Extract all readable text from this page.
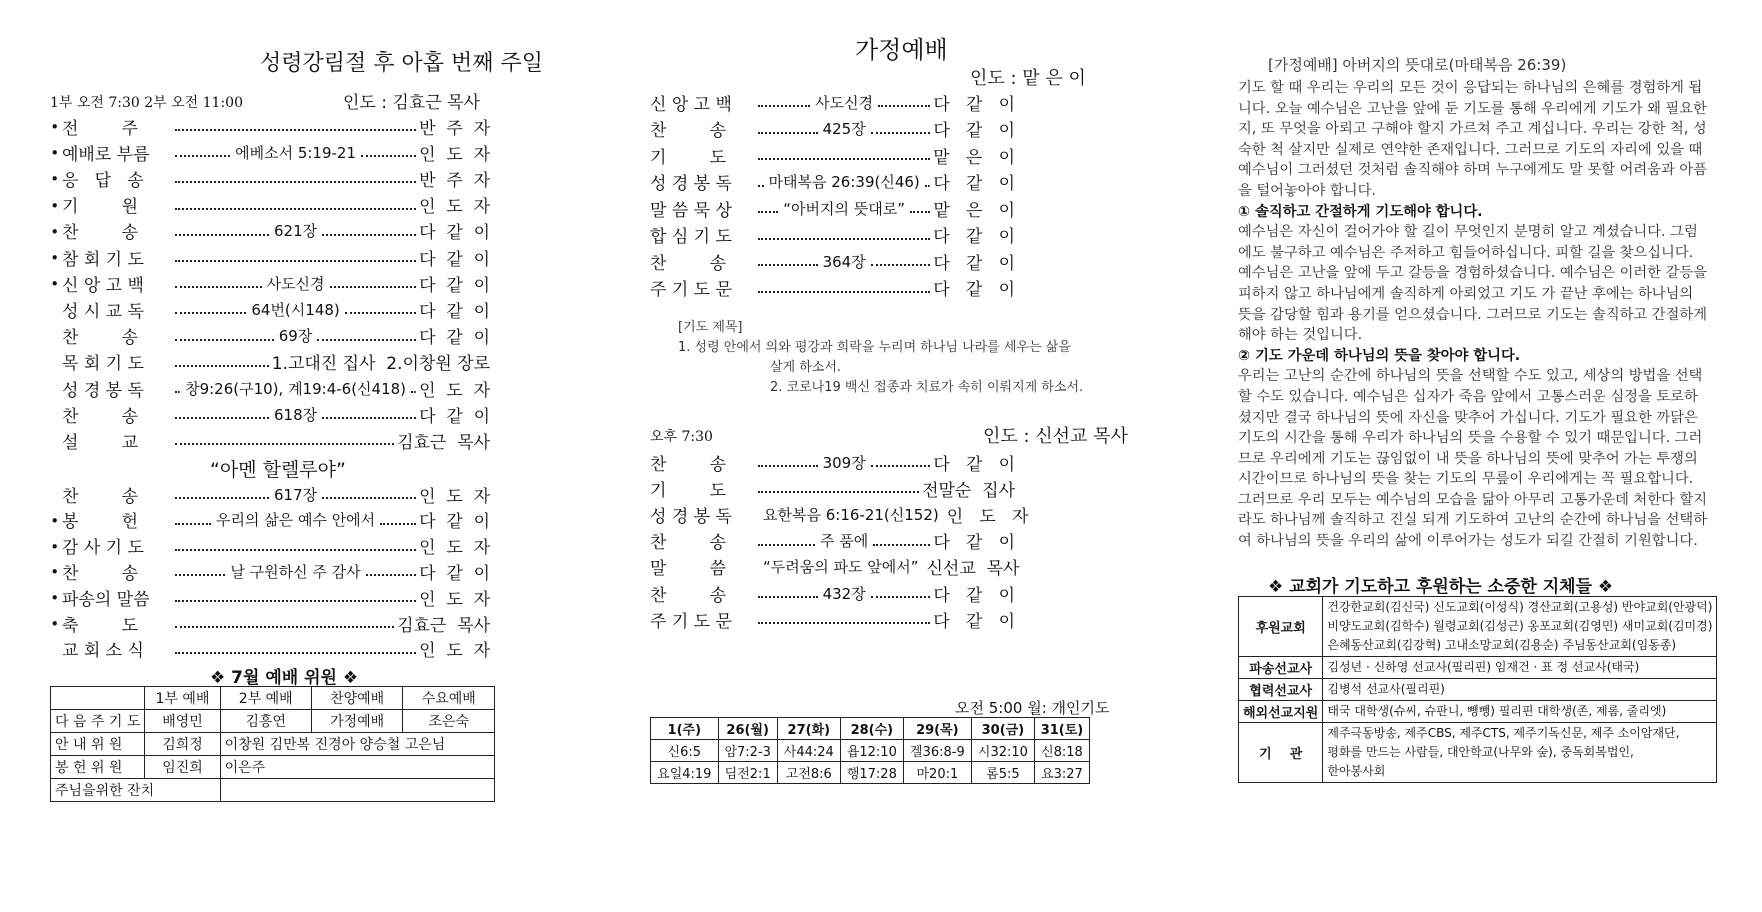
성령강림절 후 아홉 번째 주일
1부 오전 7:30 2부 오전 11:00	인도 : 김효근 목사
∙ 전        주	반  주  자
∙ 예배로 부름	에베소서 5:19-21	인  도  자
∙ 응   답   송	반  주  자
∙ 기        원	인  도  자
∙ 찬        송	621장	다  같  이
∙ 참 회 기 도	다  같  이
∙ 신 앙 고 백	사도신경	다  같  이
성 시 교 독	64번(시148)	다  같  이
찬        송	69장	다  같  이
목 회 기 도	1.고대진 집사  2.이창원 장로
성 경 봉 독	창9:26(구10), 계19:4-6(신418) 인  도  자
찬        송	618장	다  같  이
설        교	김효근  목사
“아멘 할렐루야”
찬        송	617장	인  도  자
∙ 봉        헌	우리의 삶은 예수 안에서	다  같  이
∙ 감 사 기 도	인  도  자
∙ 찬        송	날 구원하신 주 감사	다  같  이
∙ 파송의 말씀	인  도  자
∙ 축        도	김효근  목사
교 회 소 식	인  도  자
❖ 7월 예배 위원 ❖
	1부 예배	2부 예배	찬양예배	수요예배
다 음 주 기 도	배영민	김흥연	가정예배	조은숙
안 내 위 원	김희정	이창원 김만복 진경아 양승철 고은님		
봉 헌 위 원	임진희	이은주		
주님을위한 잔치				
가정예배
인도 : 맡 은 이
신 앙 고 백	사도신경	다   같   이
찬        송	425장	다   같   이
기        도	맡   은   이
성 경 봉 독	마태복음 26:39(신46) 다   같   이
말 씀 묵 상	“아버지의 뜻대로” 맡   은   이
합 심 기 도	다   같   이
찬        송	364장	다   같   이
주 기 도 문	다   같   이
[기도 제목]
1. 성령 안에서 의와 평강과 희락을 누리며 하나님 나라를 세우는 삶을
살게 하소서.
2. 코로나19 백신 접종과 치료가 속히 이뤄지게 하소서.
오후 7:30	인도 : 신선교 목사
찬        송	309장	다   같   이
기        도	전말순  집사
성 경 봉 독	요한복음 6:16-21(신152) 인   도   자
찬        송	주 품에	다   같   이
말        씀	“두려움의 파도 앞에서” 신선교  목사
찬        송	432장	다   같   이
주 기 도 문	다   같   이
오전 5:00 월: 개인기도
1(주)	26(월)	27(화)	28(수)	29(목)	30(금)	31(토)
신6:5	암7:2-3	사44:24	욥12:10	겔36:8-9	시32:10	신8:18
요일4:19	딤전2:1	고전8:6	행17:28	마20:1	롬5:5	요3:27
[가정예배] 아버지의 뜻대로(마태복음 26:39)

기도 할 때 우리는 우리의 모든 것이 응답되는 하나님의 은혜를 경험하게 됩니다. 오늘 예수님은 고난을 앞에 둔 기도를 통해 우리에게 기도가 왜 필요한지, 또 무엇을 아뢰고 구해야 할지 가르쳐 주고 계십니다. 우리는 강한 척, 성숙한 척 살지만 실제로 연약한 존재입니다. 그러므로 기도의 자리에 있을 때 예수님이 그러셨던 것처럼 솔직해야 하며 누구에게도 말 못할 어려움과 아픔을 털어놓아야 합니다.

① 솔직하고 간절하게 기도해야 합니다.

예수님은 자신이 걸어가야 할 길이 무엇인지 분명히 알고 계셨습니다. 그럼에도 불구하고 예수님은 주저하고 힘들어하십니다. 피할 길을 찾으십니다. 예수님은 고난을 앞에 두고 갈등을 경험하셨습니다. 예수님은 이러한 갈등을 피하지 않고 하나님에게 솔직하게 아뢰었고 기도 가 끝난 후에는 하나님의 뜻을 감당할 힘과 용기를 얻으셨습니다. 그러므로 기도는 솔직하고 간절하게 해야 하는 것입니다.

② 기도 가운데 하나님의 뜻을 찾아야 합니다.

우리는 고난의 순간에 하나님의 뜻을 선택할 수도 있고, 세상의 방법을 선택할 수도 있습니다. 예수님은 십자가 죽음 앞에서 고통스러운 심정을 토로하셨지만 결국 하나님의 뜻에 자신을 맞추어 가십니다. 기도가 필요한 까닭은 기도의 시간을 통해 우리가 하나님의 뜻을 수용할 수 있기 때문입니다. 그러므로 우리에게 기도는 끊임없이 내 뜻을 하나님의 뜻에 맞추어 가는 투쟁의 시간이므로 하나님의 뜻을 찾는 기도의 무릎이 우리에게는 꼭 필요합니다.

그러므로 우리 모두는 예수님의 모습을 닮아 아무리 고통가운데 처한다 할지라도 하나님께 솔직하고 진실 되게 기도하여 고난의 순간에 하나님을 선택하여 하나님의 뜻을 우리의 삶에 이루어가는 성도가 되길 간절히 기원합니다.

❖ 교회가 기도하고 후원하는 소중한 지체들 ❖
후원교회	건강한교회(김신국) 신도교회(이성식) 경산교회(고용성) 반야교회(안광덕)
비양도교회(김학수) 월령교회(김성근) 옹포교회(김영민) 새미교회(김미경)
은혜동산교회(김강혁) 고내소망교회(김용순) 주님동산교회(임동종)

파송선교사	김성년 · 신하영 선교사(필리핀) 임재건 · 표 정 선교사(태국)

협력선교사	김병석 선교사(필리핀)

해외선교지원	태국 대학생(슈씨, 슈판니, 뺑뺑) 필리핀 대학생(존, 제롬, 줄리엣)

기    관	제주극동방송, 제주CBS, 제주CTS, 제주기독신문, 제주 소이암재단,
평화를 만드는 사람들, 대안학교(나무와 숲), 중독회복법인,
한아봉사회
